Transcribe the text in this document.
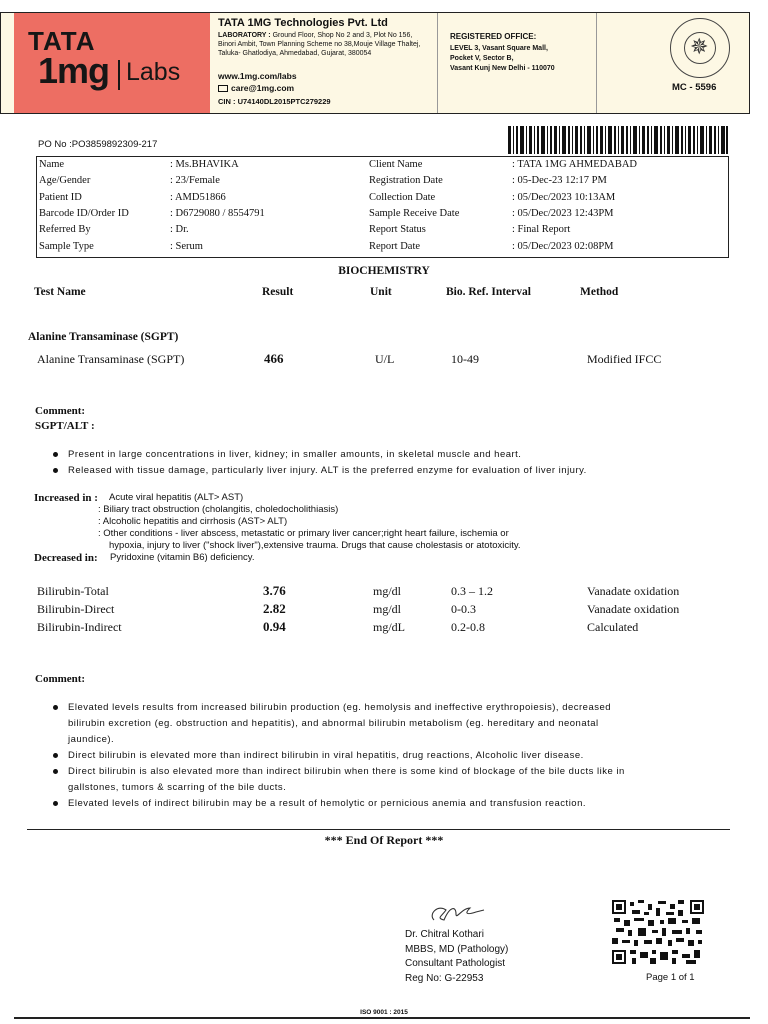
TATA
1mg Labs
TATA 1MG Technologies Pvt. Ltd
LABORATORY : Ground Floor, Shop No 2 and 3, Plot No 156, Binori Ambit, Town Planning Scheme no 38,Mouje Village Thaltej, Taluka- Ghatlodiya, Ahmedabad, Gujarat, 380054
www.1mg.com/labs
care@1mg.com
CIN : U74140DL2015PTC279229
REGISTERED OFFICE:
LEVEL 3, Vasant Square Mall,
Pocket V, Sector B,
Vasant Kunj New Delhi - 110070
✵
MC - 5596
PO No :PO3859892309-217
Name	: Ms.BHAVIKA
Age/Gender	: 23/Female
Patient ID	: AMD51866
Barcode ID/Order ID	: D6729080 / 8554791
Referred By	: Dr.
Sample Type	: Serum
Client Name	: TATA 1MG AHMEDABAD
Registration Date	: 05-Dec-23 12:17 PM
Collection Date	: 05/Dec/2023 10:13AM
Sample Receive Date	: 05/Dec/2023 12:43PM
Report Status	: Final Report
Report Date	: 05/Dec/2023 02:08PM
BIOCHEMISTRY
Test Name	Result	Unit	Bio. Ref. Interval	Method
Alanine Transaminase (SGPT)
Alanine Transaminase (SGPT)	466	U/L	10-49	Modified IFCC
Comment:
SGPT/ALT :
Present in large concentrations in liver, kidney; in smaller amounts, in skeletal muscle and heart.
Released with tissue damage, particularly liver injury. ALT is the preferred enzyme for evaluation of liver injury.
Increased in : Acute viral hepatitis (ALT> AST)
: Biliary tract obstruction (cholangitis, choledocholithiasis)
: Alcoholic hepatitis and cirrhosis (AST> ALT)
: Other conditions - liver abscess, metastatic or primary liver cancer;right heart failure, ischemia or
hypoxia, injury to liver ("shock liver"),extensive trauma. Drugs that cause cholestasis or atotoxicity.
Decreased in: Pyridoxine (vitamin B6) deficiency.
Bilirubin-Total	3.76	mg/dl	0.3 – 1.2	Vanadate oxidation
Bilirubin-Direct	2.82	mg/dl	0-0.3	Vanadate oxidation
Bilirubin-Indirect	0.94	mg/dL	0.2-0.8	Calculated
Comment:
Elevated levels results from increased bilirubin production (eg. hemolysis and ineffective erythropoiesis), decreased
bilirubin excretion (eg. obstruction and hepatitis), and abnormal bilirubin metabolism (eg. hereditary and neonatal
jaundice).
Direct bilirubin is elevated more than indirect bilirubin in viral hepatitis, drug reactions, Alcoholic liver disease.
Direct bilirubin is also elevated more than indirect bilirubin when there is some kind of blockage of the bile ducts like in
gallstones, tumors & scarring of the bile ducts.
Elevated levels of indirect bilirubin may be a result of hemolytic or pernicious anemia and transfusion reaction.
*** End Of Report ***
Dr. Chitral Kothari
MBBS, MD (Pathology)
Consultant Pathologist
Reg No: G-22953	Page 1 of 1
ISO 9001 : 2015
